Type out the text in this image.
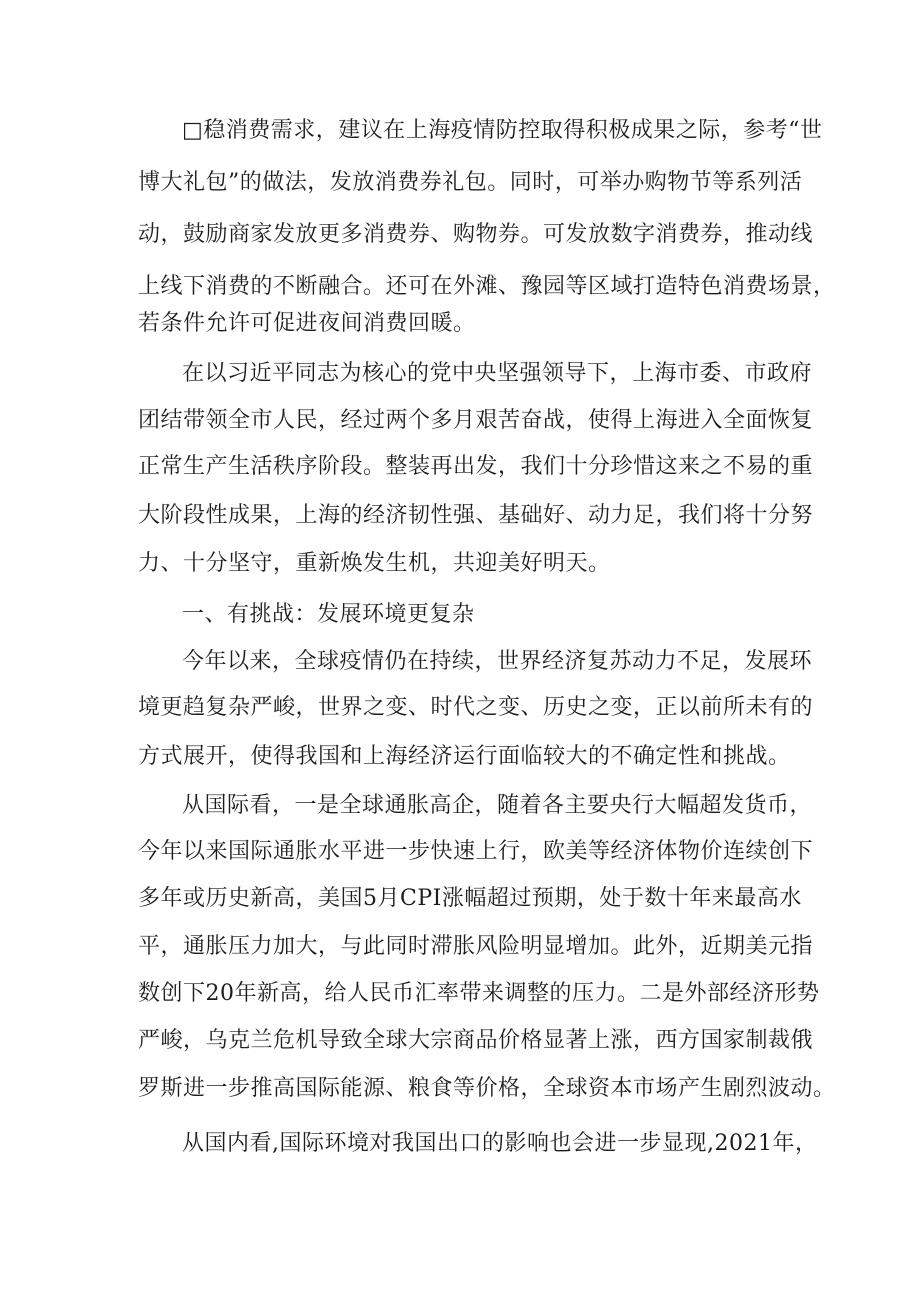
□稳消费需求，建议在上海疫情防控取得积极成果之际，参考“世
博大礼包”的做法，发放消费券礼包。同时，可举办购物节等系列活
动，鼓励商家发放更多消费券、购物券。可发放数字消费券，推动线
上线下消费的不断融合。还可在外滩、豫园等区域打造特色消费场景，
若条件允许可促进夜间消费回暖。
在以习近平同志为核心的党中央坚强领导下，上海市委、市政府
团结带领全市人民，经过两个多月艰苦奋战，使得上海进入全面恢复
正常生产生活秩序阶段。整装再出发，我们十分珍惜这来之不易的重
大阶段性成果，上海的经济韧性强、基础好、动力足，我们将十分努
力、十分坚守，重新焕发生机，共迎美好明天。
一、有挑战：发展环境更复杂
今年以来，全球疫情仍在持续，世界经济复苏动力不足，发展环
境更趋复杂严峻，世界之变、时代之变、历史之变，正以前所未有的
方式展开，使得我国和上海经济运行面临较大的不确定性和挑战。
从国际看，一是全球通胀高企，随着各主要央行大幅超发货币，
今年以来国际通胀水平进一步快速上行，欧美等经济体物价连续创下
多年或历史新高，美国5月CPI涨幅超过预期，处于数十年来最高水
平，通胀压力加大，与此同时滞胀风险明显增加。此外，近期美元指
数创下20年新高，给人民币汇率带来调整的压力。二是外部经济形势
严峻，乌克兰危机导致全球大宗商品价格显著上涨，西方国家制裁俄
罗斯进一步推高国际能源、粮食等价格，全球资本市场产生剧烈波动。
从国内看,国际环境对我国出口的影响也会进一步显现,2021年，
